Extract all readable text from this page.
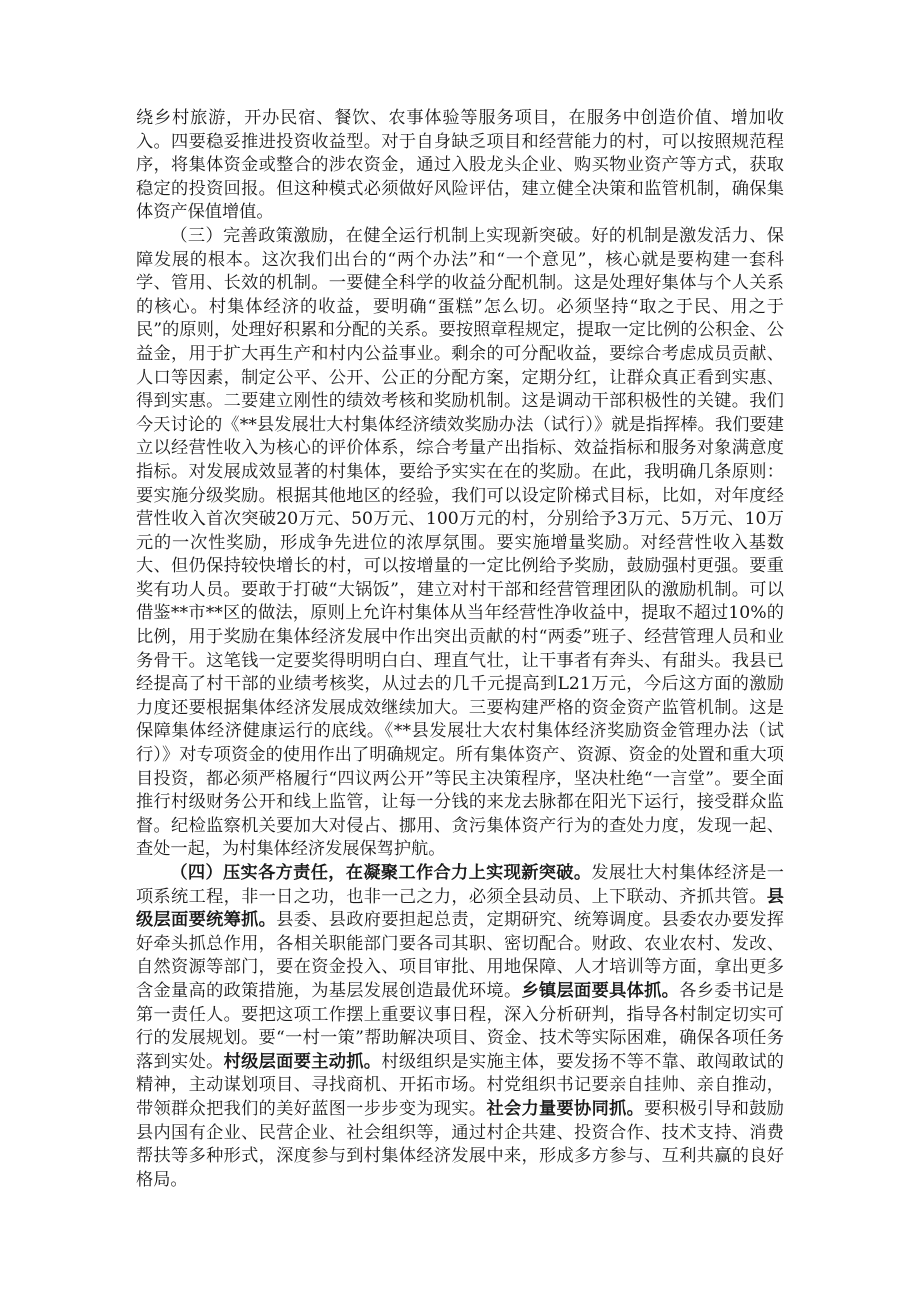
绕乡村旅游，开办民宿、餐饮、农事体验等服务项目，在服务中创造价值、增加收入。四要稳妥推进投资收益型。对于自身缺乏项目和经营能力的村，可以按照规范程序，将集体资金或整合的涉农资金，通过入股龙头企业、购买物业资产等方式，获取稳定的投资回报。但这种模式必须做好风险评估，建立健全决策和监管机制，确保集体资产保值增值。

（三）完善政策激励，在健全运行机制上实现新突破。好的机制是激发活力、保障发展的根本。这次我们出台的“两个办法”和“一个意见”，核心就是要构建一套科学、管用、长效的机制。一要健全科学的收益分配机制。这是处理好集体与个人关系的核心。村集体经济的收益，要明确“蛋糕”怎么切。必须坚持“取之于民、用之于民”的原则，处理好积累和分配的关系。要按照章程规定，提取一定比例的公积金、公益金，用于扩大再生产和村内公益事业。剩余的可分配收益，要综合考虑成员贡献、人口等因素，制定公平、公开、公正的分配方案，定期分红，让群众真正看到实惠、得到实惠。二要建立刚性的绩效考核和奖励机制。这是调动干部积极性的关键。我们今天讨论的《**县发展壮大村集体经济绩效奖励办法（试行）》就是指挥棒。我们要建立以经营性收入为核心的评价体系，综合考量产出指标、效益指标和服务对象满意度指标。对发展成效显著的村集体，要给予实实在在的奖励。在此，我明确几条原则：要实施分级奖励。根据其他地区的经验，我们可以设定阶梯式目标，比如，对年度经营性收入首次突破20万元、50万元、100万元的村，分别给予3万元、5万元、10万元的一次性奖励，形成争先进位的浓厚氛围。要实施增量奖励。对经营性收入基数大、但仍保持较快增长的村，可以按增量的一定比例给予奖励，鼓励强村更强。要重奖有功人员。要敢于打破“大锅饭”，建立对村干部和经营管理团队的激励机制。可以借鉴**市**区的做法，原则上允许村集体从当年经营性净收益中，提取不超过10%的比例，用于奖励在集体经济发展中作出突出贡献的村“两委”班子、经营管理人员和业务骨干。这笔钱一定要奖得明明白白、理直气壮，让干事者有奔头、有甜头。我县已经提高了村干部的业绩考核奖，从过去的几千元提高到L21万元，今后这方面的激励力度还要根据集体经济发展成效继续加大。三要构建严格的资金资产监管机制。这是保障集体经济健康运行的底线。《**县发展壮大农村集体经济奖励资金管理办法（试行）》对专项资金的使用作出了明确规定。所有集体资产、资源、资金的处置和重大项目投资，都必须严格履行“四议两公开”等民主决策程序，坚决杜绝“一言堂”。要全面推行村级财务公开和线上监管，让每一分钱的来龙去脉都在阳光下运行，接受群众监督。纪检监察机关要加大对侵占、挪用、贪污集体资产行为的查处力度，发现一起、查处一起，为村集体经济发展保驾护航。

（四）压实各方责任，在凝聚工作合力上实现新突破。发展壮大村集体经济是一项系统工程，非一日之功，也非一己之力，必须全县动员、上下联动、齐抓共管。县级层面要统筹抓。县委、县政府要担起总责，定期研究、统筹调度。县委农办要发挥好牵头抓总作用，各相关职能部门要各司其职、密切配合。财政、农业农村、发改、自然资源等部门，要在资金投入、项目审批、用地保障、人才培训等方面，拿出更多含金量高的政策措施，为基层发展创造最优环境。乡镇层面要具体抓。各乡委书记是第一责任人。要把这项工作摆上重要议事日程，深入分析研判，指导各村制定切实可行的发展规划。要“一村一策”帮助解决项目、资金、技术等实际困难，确保各项任务落到实处。村级层面要主动抓。村级组织是实施主体，要发扬不等不靠、敢闯敢试的精神，主动谋划项目、寻找商机、开拓市场。村党组织书记要亲自挂帅、亲自推动，带领群众把我们的美好蓝图一步步变为现实。社会力量要协同抓。要积极引导和鼓励县内国有企业、民营企业、社会组织等，通过村企共建、投资合作、技术支持、消费帮扶等多种形式，深度参与到村集体经济发展中来，形成多方参与、互利共赢的良好格局。
